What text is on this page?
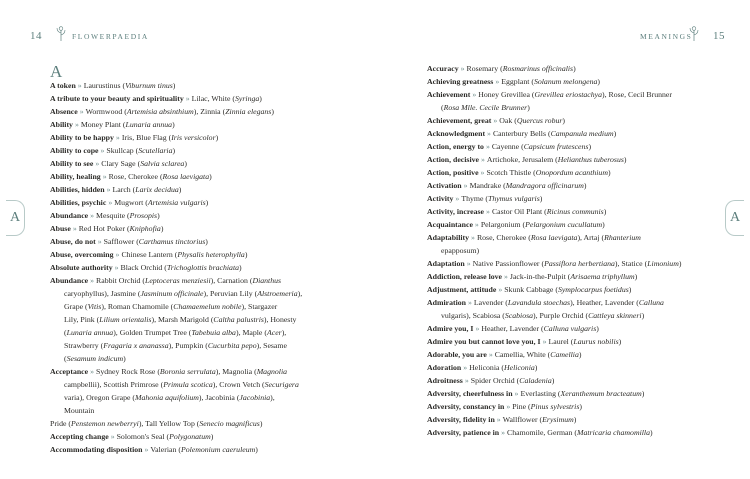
14	FLOWERPAEDIA
A
A
A token » Laurustinus (Viburnum tinus)
A tribute to your beauty and spirituality » Lilac, White (Syringa)
Absence » Wormwood (Artemisia absinthium), Zinnia (Zinnia elegans)
Ability » Money Plant (Lunaria annua)
Ability to be happy » Iris, Blue Flag (Iris versicolor)
Ability to cope » Skullcap (Scutellaria)
Ability to see » Clary Sage (Salvia sclarea)
Ability, healing » Rose, Cherokee (Rosa laevigata)
Abilities, hidden » Larch (Larix decidua)
Abilities, psychic » Mugwort (Artemisia vulgaris)
Abundance » Mesquite (Prosopis)
Abuse » Red Hot Poker (Kniphofia)
Abuse, do not » Safflower (Carthamus tinctorius)
Abuse, overcoming » Chinese Lantern (Physalis heterophylla)
Absolute authority » Black Orchid (Trichoglottis brachiata)
Abundance » Rabbit Orchid (Leptoceras menziesii), Carnation (Dianthus
caryophyllus), Jasmine (Jasminum officinale), Peruvian Lily (Alstroemeria),
Grape (Vitis), Roman Chamomile (Chamaemelum nobile), Stargazer
Lily, Pink (Lilium orientalis), Marsh Marigold (Caltha palustris), Honesty
(Lunaria annua), Golden Trumpet Tree (Tabebuia alba), Maple (Acer),
Strawberry (Fragaria x ananassa), Pumpkin (Cucurbita pepo), Sesame
(Sesamum indicum)
Acceptance » Sydney Rock Rose (Boronia serrulata), Magnolia (Magnolia
campbellii), Scottish Primrose (Primula scotica), Crown Vetch (Securigera
varia), Oregon Grape (Mahonia aquifolium), Jacobinia (Jacobinia),
Mountain
Pride (Penstemon newberryi), Tall Yellow Top (Senecio magnificus)
Accepting change » Solomon's Seal (Polygonatum)
Accommodating disposition » Valerian (Polemonium caeruleum)
MEANINGS 15
A
Accuracy » Rosemary (Rosmarinus officinalis)
Achieving greatness » Eggplant (Solanum melongena)
Achievement » Honey Grevillea (Grevillea eriostachya), Rose, Cecil Brunner
(Rosa Mlle. Cecile Brunner)
Achievement, great » Oak (Quercus robur)
Acknowledgment » Canterbury Bells (Campanula medium)
Action, energy to » Cayenne (Capsicum frutescens)
Action, decisive » Artichoke, Jerusalem (Helianthus tuberosus)
Action, positive » Scotch Thistle (Onopordum acanthium)
Activation » Mandrake (Mandragora officinarum)
Activity » Thyme (Thymus vulgaris)
Activity, increase » Castor Oil Plant (Ricinus communis)
Acquaintance » Pelargonium (Pelargonium cucullatum)
Adaptability » Rose, Cherokee (Rosa laevigata), Artaj (Rhanterium
epapposum)
Adaptation » Native Passionflower (Passiflora herbertiana), Statice (Limonium)
Addiction, release love » Jack-in-the-Pulpit (Arisaema triphyllum)
Adjustment, attitude » Skunk Cabbage (Symplocarpus foetidus)
Admiration » Lavender (Lavandula stoechas), Heather, Lavender (Calluna
vulgaris), Scabiosa (Scabiosa), Purple Orchid (Cattleya skinneri)
Admire you, I » Heather, Lavender (Calluna vulgaris)
Admire you but cannot love you, I » Laurel (Laurus nobilis)
Adorable, you are » Camellia, White (Camellia)
Adoration » Heliconia (Heliconia)
Adroitness » Spider Orchid (Caladenia)
Adversity, cheerfulness in » Everlasting (Xeranthemum bracteatum)
Adversity, constancy in » Pine (Pinus sylvestris)
Adversity, fidelity in » Wallflower (Erysimum)
Adversity, patience in » Chamomile, German (Matricaria chamomilla)
